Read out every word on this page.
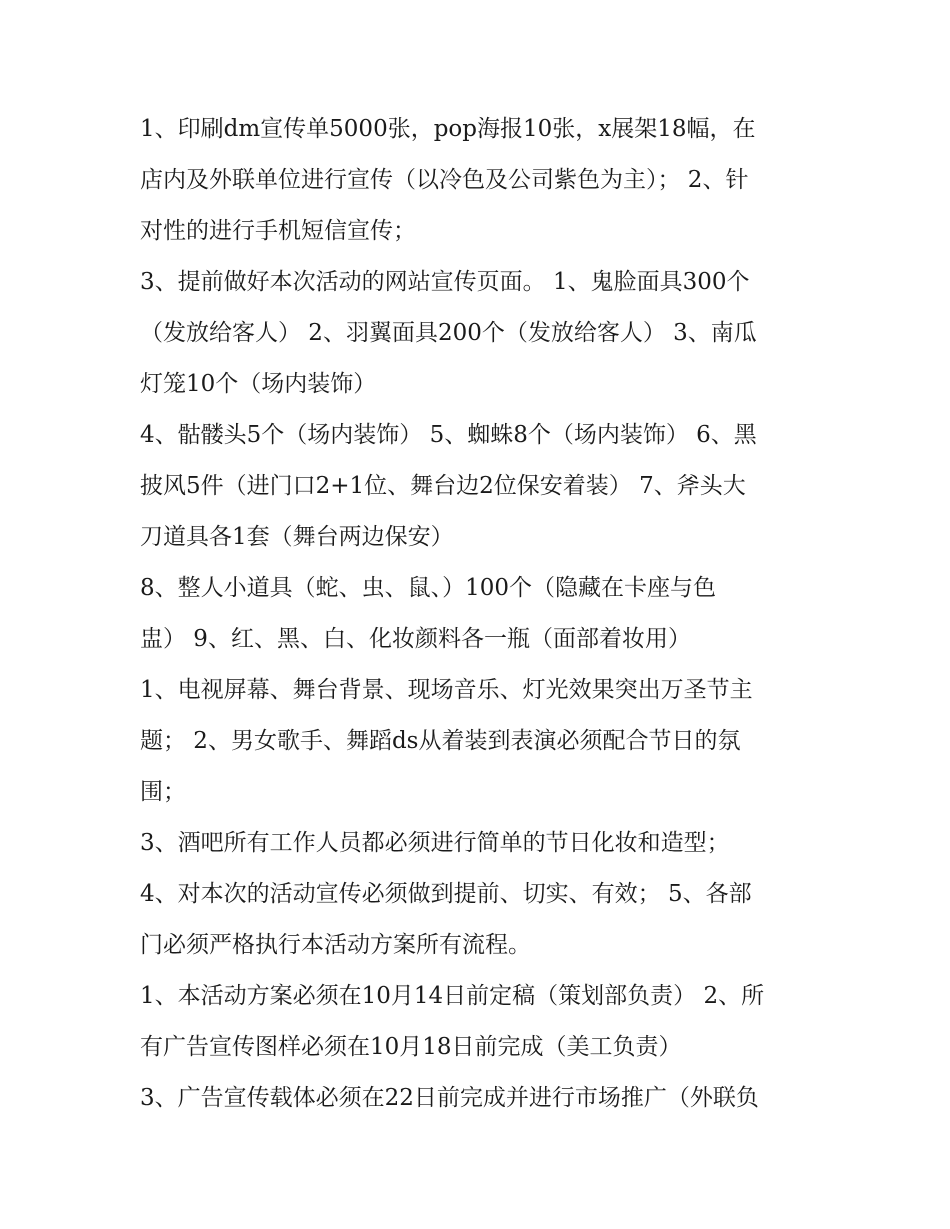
1、印刷dm宣传单5000张，pop海报10张，x展架18幅，在

店内及外联单位进行宣传（以冷色及公司紫色为主）； 2、针

对性的进行手机短信宣传；

3、提前做好本次活动的网站宣传页面。 1、鬼脸面具300个

（发放给客人） 2、羽翼面具200个（发放给客人） 3、南瓜

灯笼10个（场内装饰）

4、骷髅头5个（场内装饰） 5、蜘蛛8个（场内装饰） 6、黑

披风5件（进门口2+1位、舞台边2位保安着装） 7、斧头大

刀道具各1套（舞台两边保安）

8、整人小道具（蛇、虫、鼠、）100个（隐藏在卡座与色

盅） 9、红、黑、白、化妆颜料各一瓶（面部着妆用）

1、电视屏幕、舞台背景、现场音乐、灯光效果突出万圣节主

题； 2、男女歌手、舞蹈ds从着装到表演必须配合节日的氛

围；

3、酒吧所有工作人员都必须进行简单的节日化妆和造型；

4、对本次的活动宣传必须做到提前、切实、有效； 5、各部

门必须严格执行本活动方案所有流程。

1、本活动方案必须在10月14日前定稿（策划部负责） 2、所

有广告宣传图样必须在10月18日前完成（美工负责）

3、广告宣传载体必须在22日前完成并进行市场推广（外联负
